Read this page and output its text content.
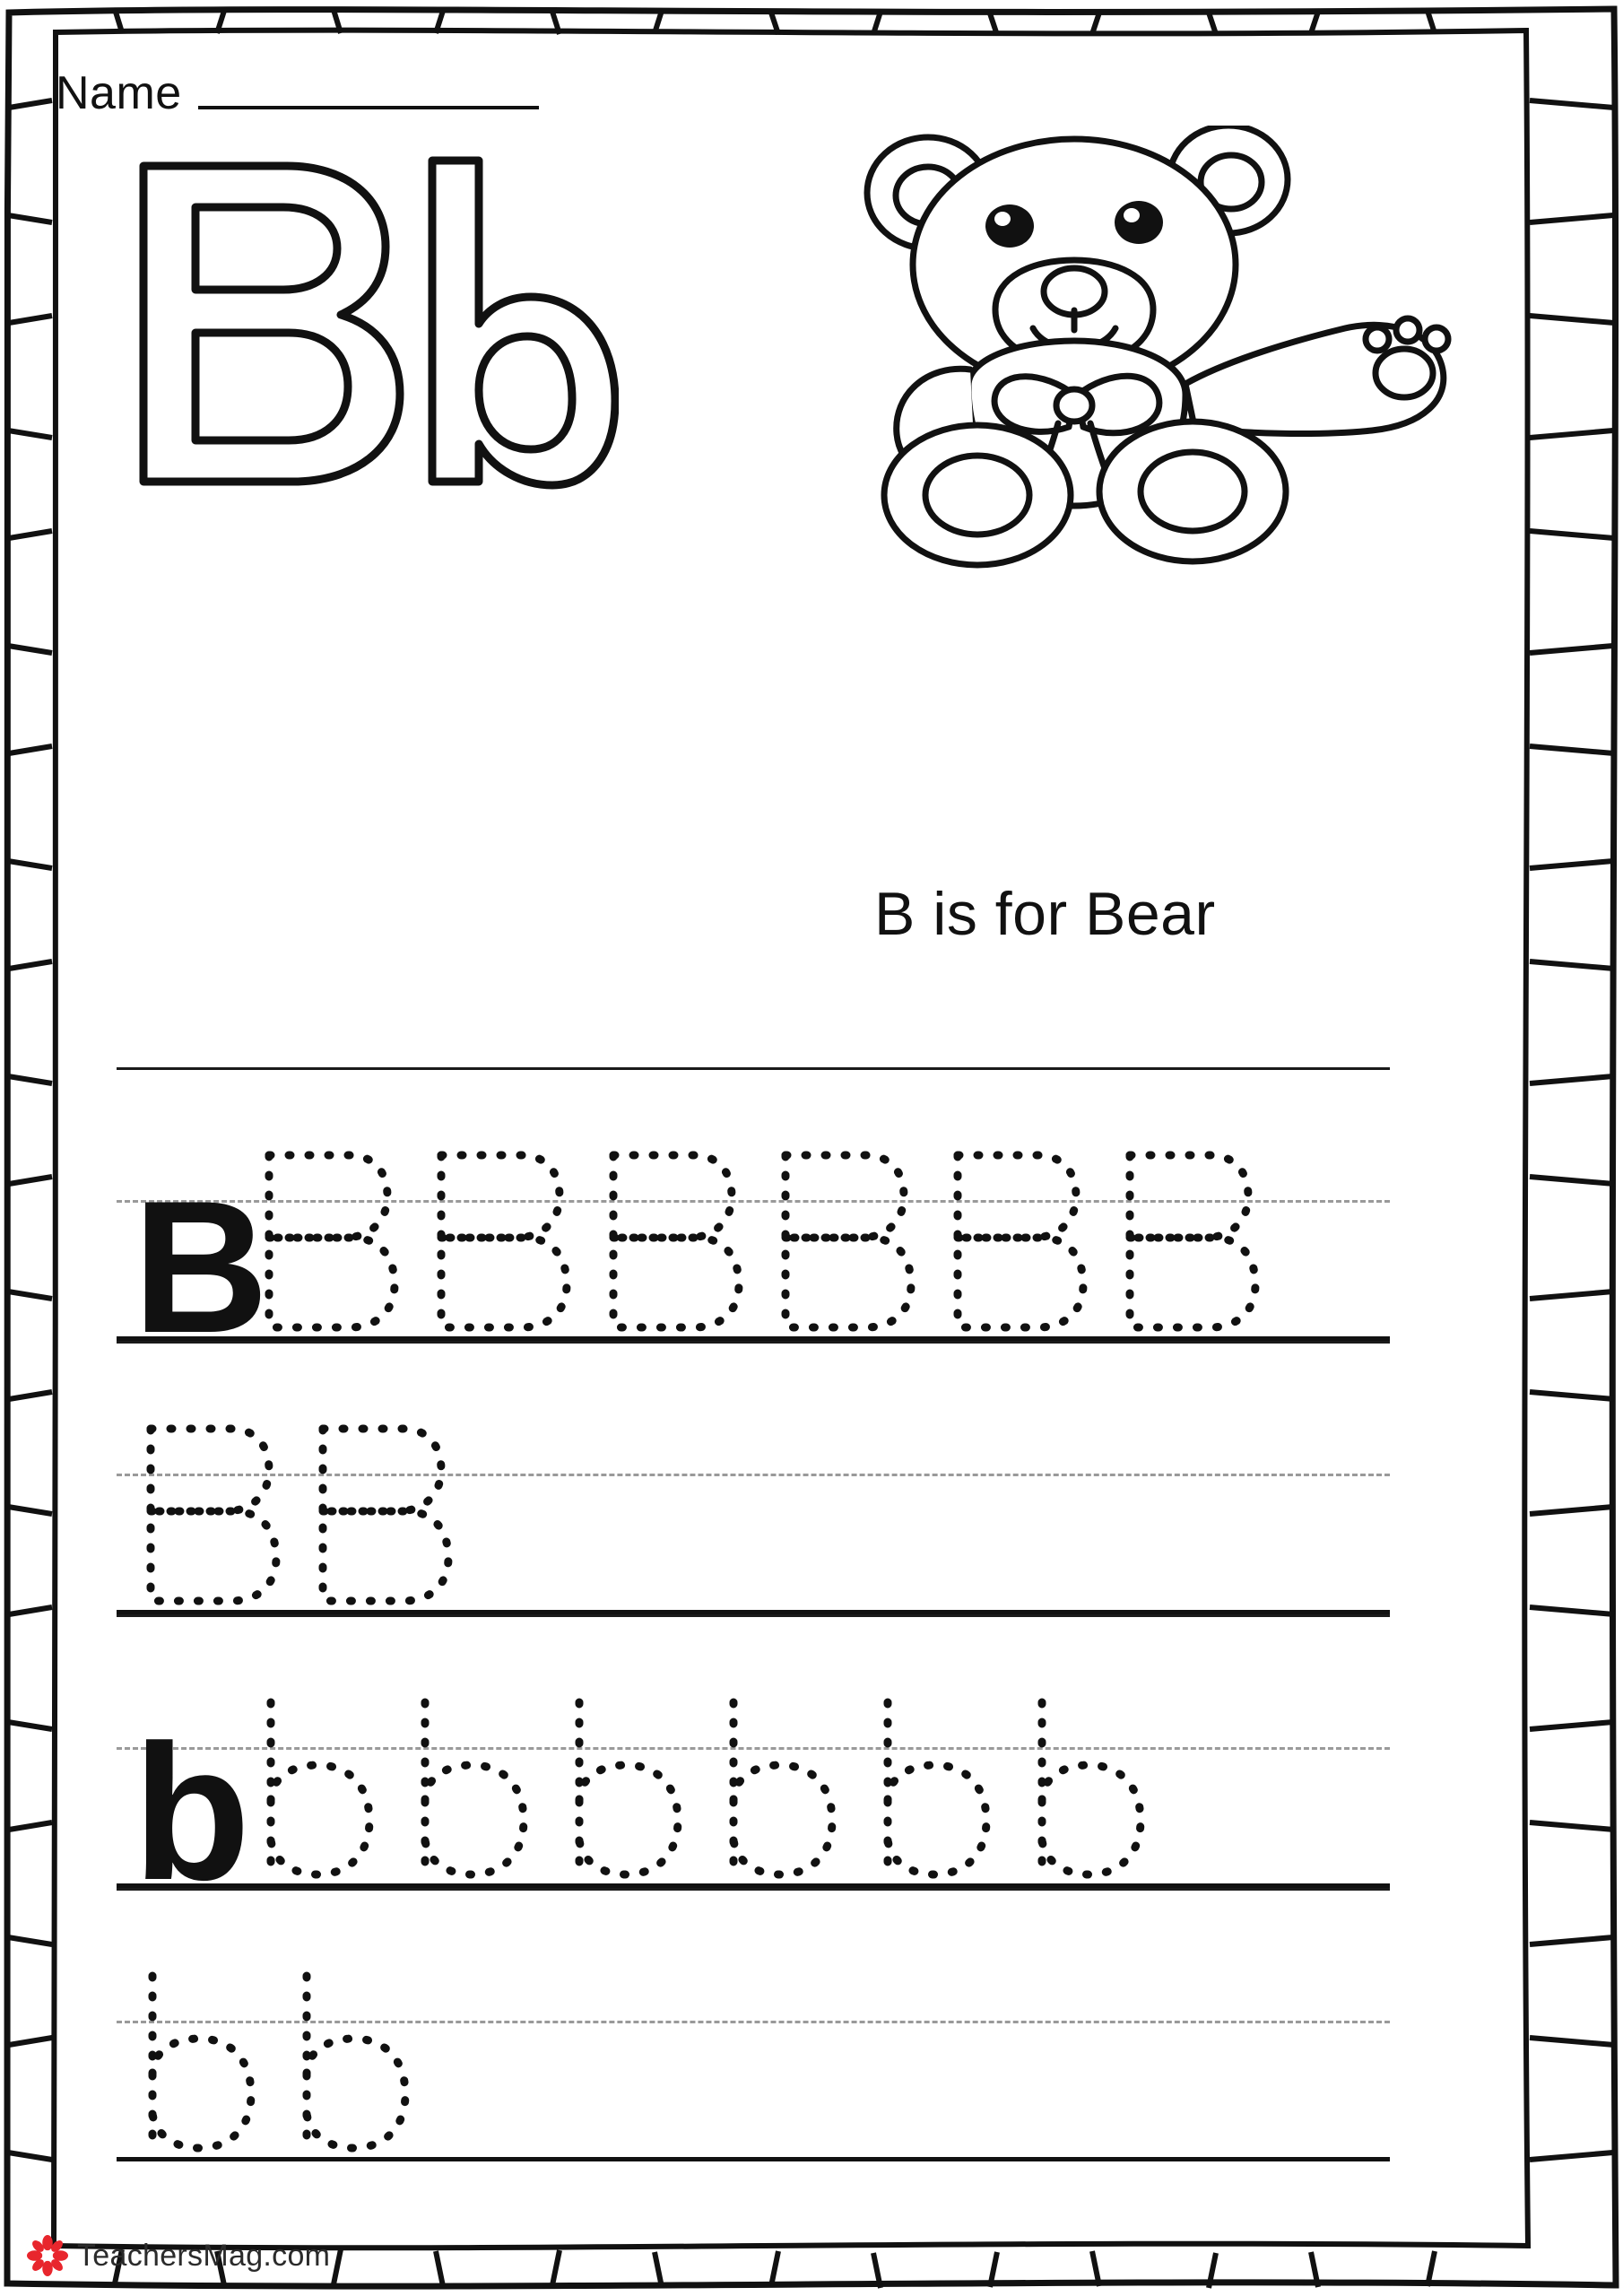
Name
B is for Bear
B
b
TeachersMag.com
